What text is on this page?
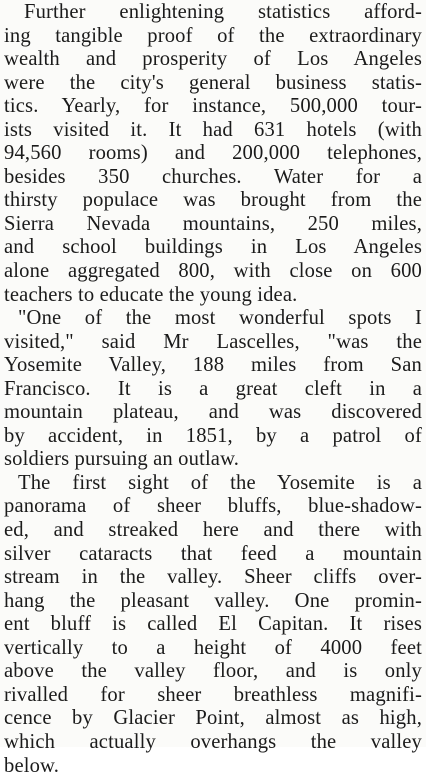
Further enlightening statistics afford-
ing tangible proof of the extraordinary
wealth and prosperity of Los Angeles
were the city's general business statis-
tics. Yearly, for instance, 500,000 tour-
ists visited it. It had 631 hotels (with
94,560 rooms) and 200,000 telephones,
besides 350 churches. Water for a
thirsty populace was brought from the
Sierra Nevada mountains, 250 miles,
and school buildings in Los Angeles
alone aggregated 800, with close on 600
teachers to educate the young idea.
"One of the most wonderful spots I
visited," said Mr Lascelles, "was the
Yosemite Valley, 188 miles from San
Francisco. It is a great cleft in a
mountain plateau, and was discovered
by accident, in 1851, by a patrol of
soldiers pursuing an outlaw.
The first sight of the Yosemite is a
panorama of sheer bluffs, blue-shadow-
ed, and streaked here and there with
silver cataracts that feed a mountain
stream in the valley. Sheer cliffs over-
hang the pleasant valley. One promin-
ent bluff is called El Capitan. It rises
vertically to a height of 4000 feet
above the valley floor, and is only
rivalled for sheer breathless magnifi-
cence by Glacier Point, almost as high,
which actually overhangs the valley
below.
